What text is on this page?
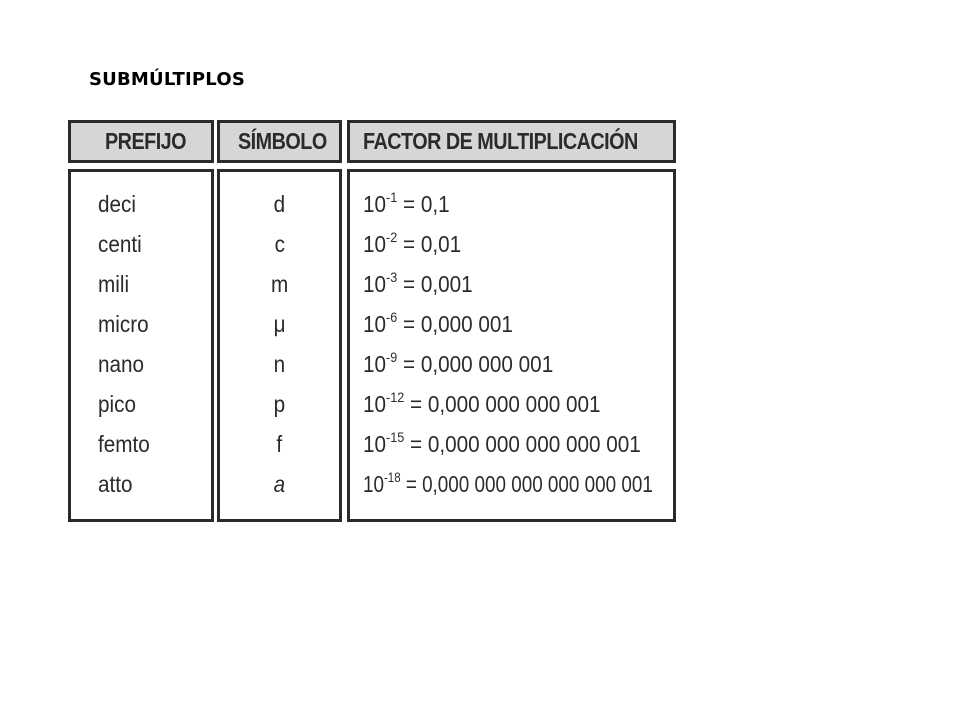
SUBMÚLTIPLOS
PREFIJO
deci
centi
mili
micro
nano
pico
femto
atto
SÍMBOLO
d
c
m
μ
n
p
f
a
FACTOR DE MULTIPLICACIÓN
$10^{-1} = 0,1$
$10^{-2} = 0,01$
$10^{-3} = 0,001$
$10^{-6} = 0,000$ 001
$10^{-9} = 0,000$ 000 001
$10^{-12} = 0,000$ 000 000 001
$10^{-15} = 0,000$ 000 000 000 001
$10^{-18} = 0,000$ 000 000 000 000 001
